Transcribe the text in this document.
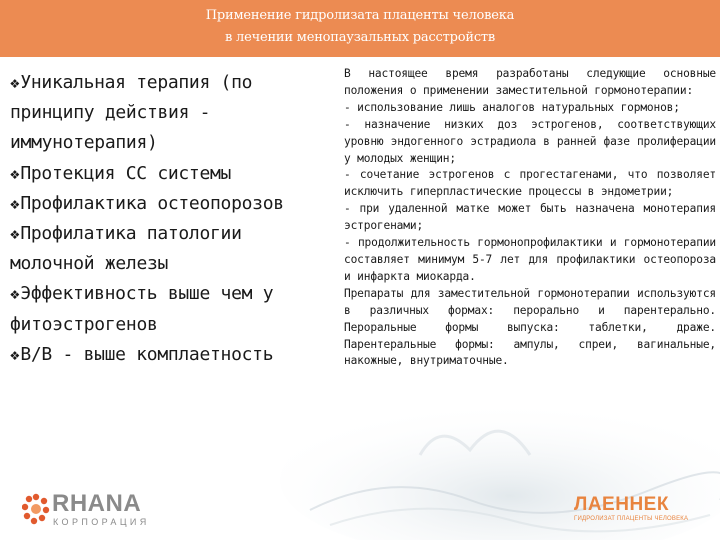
Применение гидролизата плаценты человека
в лечении менопаузальных расстройств
❖Уникальная терапия (по
принципу действия -
иммунотерапия)
❖Протекция СС системы
❖Профилактика остеопорозов
❖Профилатика патологии
молочной железы
❖Эффективность выше чем у
фитоэстрогенов
❖В/В - выше комплаетность

В настоящее время разработаны следующие основные положения о применении заместительной гормонотерапии:

- использование лишь аналогов натуральных гормонов;

- назначение низких доз эстрогенов, соответствующих уровню эндогенного эстрадиола в ранней фазе пролиферации у молодых женщин;

- сочетание эстрогенов с прогестагенами, что позволяет исключить гиперпластические процессы в эндометрии;

- при удаленной матке может быть назначена монотерапия эстрогенами;

- продолжительность гормонопрофилактики и гормонотерапии составляет минимум 5-7 лет для профилактики остеопороза и инфаркта миокарда.

Препараты для заместительной гормонотерапии используются в различных формах: перорально и парентерально. Пероральные формы выпуска: таблетки, драже. Парентеральные формы: ампулы, спреи, вагинальные, накожные, внутриматочные.

RHANA
КОРПОРАЦИЯ
ЛАЕННЕК
ГИДРОЛИЗАТ ПЛАЦЕНТЫ ЧЕЛОВЕКА
